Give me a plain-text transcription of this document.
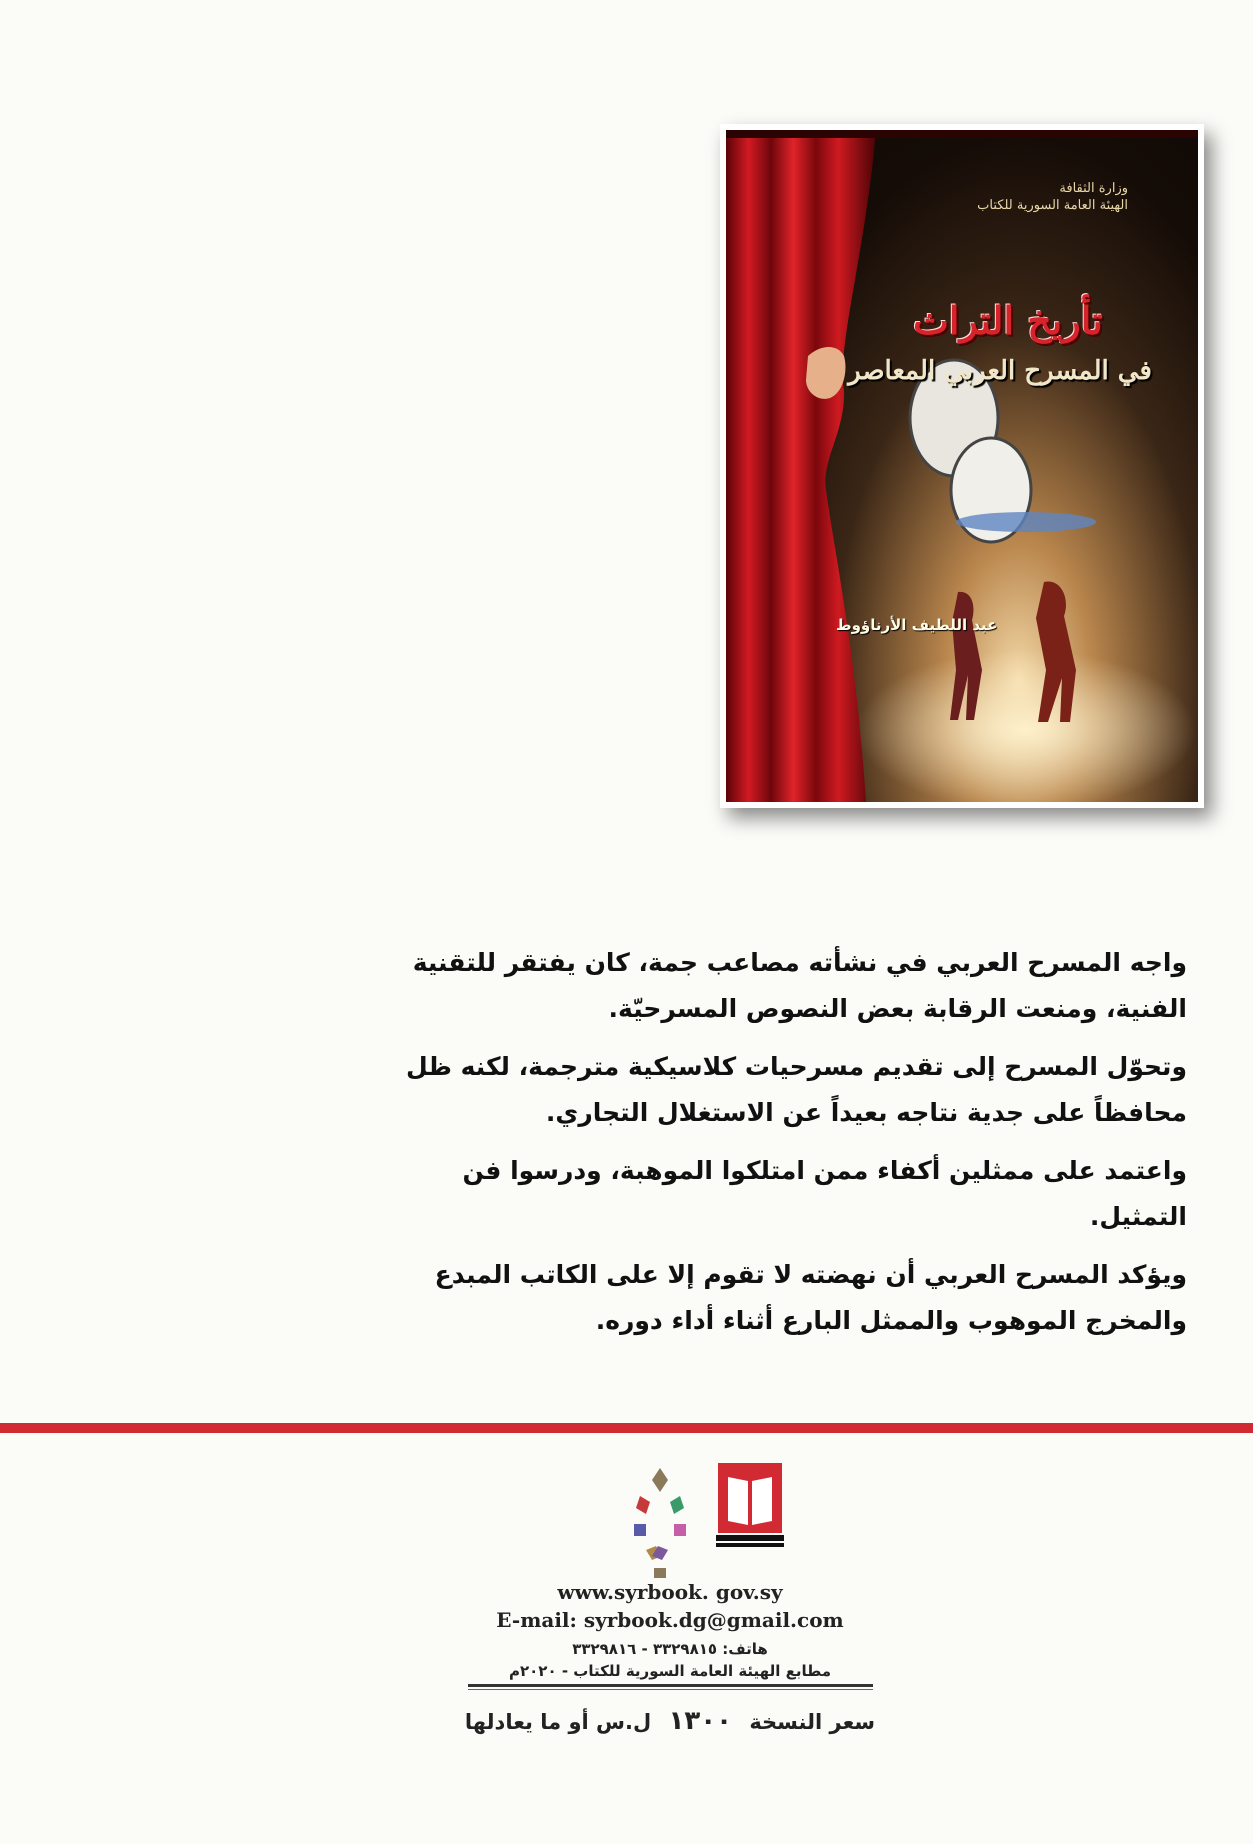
وزارة الثقافة
الهيئة العامة السورية للكتاب
تأريخ التراث
في المسرح العربي المعاصر
عبد اللطيف الأرناؤوط

واجه المسرح العربي في نشأته مصاعب جمة، كان يفتقر للتقنية الفنية، ومنعت الرقابة بعض النصوص المسرحيّة.

وتحوّل المسرح إلى تقديم مسرحيات كلاسيكية مترجمة، لكنه ظل محافظاً على جدية نتاجه بعيداً عن الاستغلال التجاري.

واعتمد على ممثلين أكفاء ممن امتلكوا الموهبة، ودرسوا فن التمثيل.

ويؤكد المسرح العربي أن نهضته لا تقوم إلا على الكاتب المبدع والمخرج الموهوب والممثل البارع أثناء أداء دوره.

www.syrbook. gov.sy
E-mail: syrbook.dg@gmail.com
هاتف: ٣٣٢٩٨١٥ - ٣٣٢٩٨١٦
مطابع الهيئة العامة السورية للكتاب - ٢٠٢٠م
سعر النسخة ١٣٠٠ ل.س أو ما يعادلها
